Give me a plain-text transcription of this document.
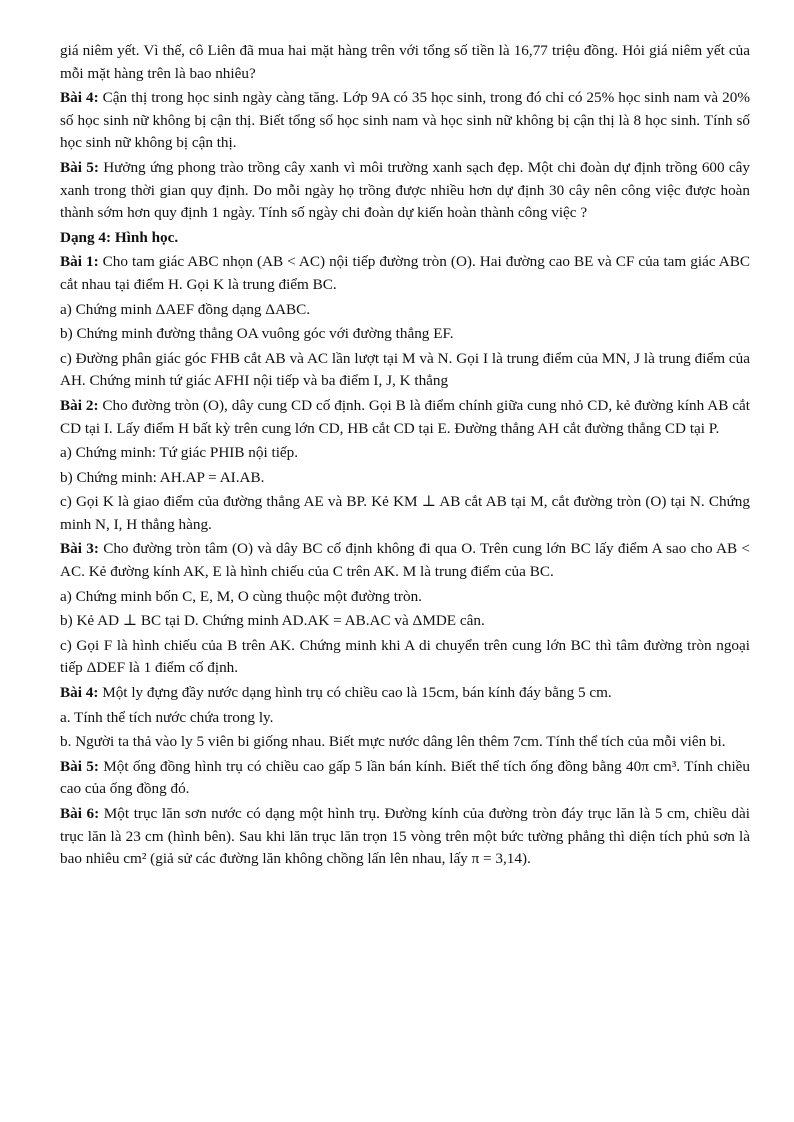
giá niêm yết. Vì thế, cô Liên đã mua hai mặt hàng trên với tổng số tiền là 16,77 triệu đồng. Hỏi giá niêm yết của mỗi mặt hàng trên là bao nhiêu?

Bài 4: Cận thị trong học sinh ngày càng tăng. Lớp 9A có 35 học sinh, trong đó chỉ có 25% học sinh nam và 20% số học sinh nữ không bị cận thị. Biết tổng số học sinh nam và học sinh nữ không bị cận thị là 8 học sinh. Tính số học sinh nữ không bị cận thị.

Bài 5: Hưởng ứng phong trào trồng cây xanh vì môi trường xanh sạch đẹp. Một chi đoàn dự định trồng 600 cây xanh trong thời gian quy định. Do mỗi ngày họ trồng được nhiều hơn dự định 30 cây nên công việc được hoàn thành sớm hơn quy định 1 ngày. Tính số ngày chi đoàn dự kiến hoàn thành công việc ?

Dạng 4: Hình học.

Bài 1: Cho tam giác ABC nhọn (AB < AC) nội tiếp đường tròn (O). Hai đường cao BE và CF của tam giác ABC cắt nhau tại điểm H. Gọi K là trung điểm BC.

a) Chứng minh ΔAEF đồng dạng ΔABC.

b) Chứng minh đường thẳng OA vuông góc với đường thẳng EF.

c) Đường phân giác góc FHB cắt AB và AC lần lượt tại M và N. Gọi I là trung điểm của MN, J là trung điểm của AH. Chứng minh tứ giác AFHI nội tiếp và ba điểm I, J, K thẳng

Bài 2: Cho đường tròn (O), dây cung CD cố định. Gọi B là điểm chính giữa cung nhỏ CD, kẻ đường kính AB cắt CD tại I. Lấy điểm H bất kỳ trên cung lớn CD, HB cắt CD tại E. Đường thẳng AH cắt đường thẳng CD tại P.

a) Chứng minh: Tứ giác PHIB nội tiếp.

b) Chứng minh: AH.AP = AI.AB.

c) Gọi K là giao điểm của đường thẳng AE và BP. Kẻ KM ⊥ AB cắt AB tại M, cắt đường tròn (O) tại N. Chứng minh N, I, H thẳng hàng.

Bài 3: Cho đường tròn tâm (O) và dây BC cố định không đi qua O. Trên cung lớn BC lấy điểm A sao cho AB < AC. Kẻ đường kính AK, E là hình chiếu của C trên AK. M là trung điểm của BC.

a) Chứng minh bốn C, E, M, O cùng thuộc một đường tròn.

b) Kẻ AD ⊥ BC tại D. Chứng minh AD.AK = AB.AC và ΔMDE cân.

c) Gọi F là hình chiếu của B trên AK. Chứng minh khi A di chuyển trên cung lớn BC thì tâm đường tròn ngoại tiếp ΔDEF là 1 điểm cố định.

Bài 4: Một ly đựng đầy nước dạng hình trụ có chiều cao là 15cm, bán kính đáy bằng 5 cm.

a. Tính thể tích nước chứa trong ly.

b. Người ta thả vào ly 5 viên bi giống nhau. Biết mực nước dâng lên thêm 7cm. Tính thể tích của mỗi viên bi.

Bài 5: Một ống đồng hình trụ có chiều cao gấp 5 lần bán kính. Biết thể tích ống đồng bằng 40π cm³. Tính chiều cao của ống đồng đó.

Bài 6: Một trục lăn sơn nước có dạng một hình trụ. Đường kính của đường tròn đáy trục lăn là 5 cm, chiều dài trục lăn là 23 cm (hình bên). Sau khi lăn trục lăn trọn 15 vòng trên một bức tường phẳng thì diện tích phủ sơn là bao nhiêu cm² (giả sử các đường lăn không chồng lấn lên nhau, lấy π = 3,14).
